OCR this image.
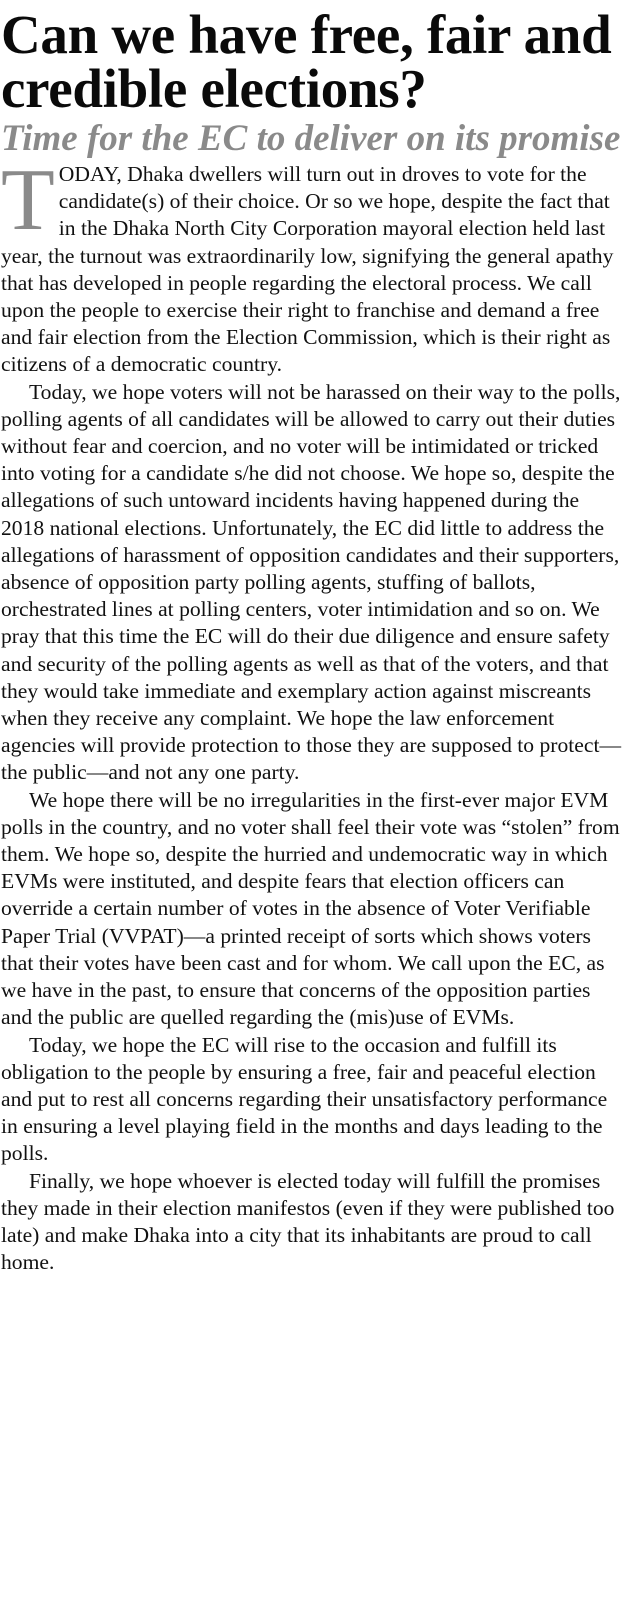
Can we have free, fair and credible elections?
Time for the EC to deliver on its promise

TODAY, Dhaka dwellers will turn out in droves to vote for the candidate(s) of their choice. Or so we hope, despite the fact that in the Dhaka North City Corporation mayoral election held last year, the turnout was extraordinarily low, signifying the general apathy that has developed in people regarding the electoral process. We call upon the people to exercise their right to franchise and demand a free and fair election from the Election Commission, which is their right as citizens of a democratic country.

Today, we hope voters will not be harassed on their way to the polls, polling agents of all candidates will be allowed to carry out their duties without fear and coercion, and no voter will be intimidated or tricked into voting for a candidate s/he did not choose. We hope so, despite the allegations of such untoward incidents having happened during the 2018 national elections. Unfortunately, the EC did little to address the allegations of harassment of opposition candidates and their supporters, absence of opposition party polling agents, stuffing of ballots, orchestrated lines at polling centers, voter intimidation and so on. We pray that this time the EC will do their due diligence and ensure safety and security of the polling agents as well as that of the voters, and that they would take immediate and exemplary action against miscreants when they receive any complaint. We hope the law enforcement agencies will provide protection to those they are supposed to protect—the public—and not any one party.

We hope there will be no irregularities in the first-ever major EVM polls in the country, and no voter shall feel their vote was “stolen” from them. We hope so, despite the hurried and undemocratic way in which EVMs were instituted, and despite fears that election officers can override a certain number of votes in the absence of Voter Verifiable Paper Trial (VVPAT)—a printed receipt of sorts which shows voters that their votes have been cast and for whom. We call upon the EC, as we have in the past, to ensure that concerns of the opposition parties and the public are quelled regarding the (mis)use of EVMs.

Today, we hope the EC will rise to the occasion and fulfill its obligation to the people by ensuring a free, fair and peaceful election and put to rest all concerns regarding their unsatisfactory performance in ensuring a level playing field in the months and days leading to the polls.

Finally, we hope whoever is elected today will fulfill the promises they made in their election manifestos (even if they were published too late) and make Dhaka into a city that its inhabitants are proud to call home.
